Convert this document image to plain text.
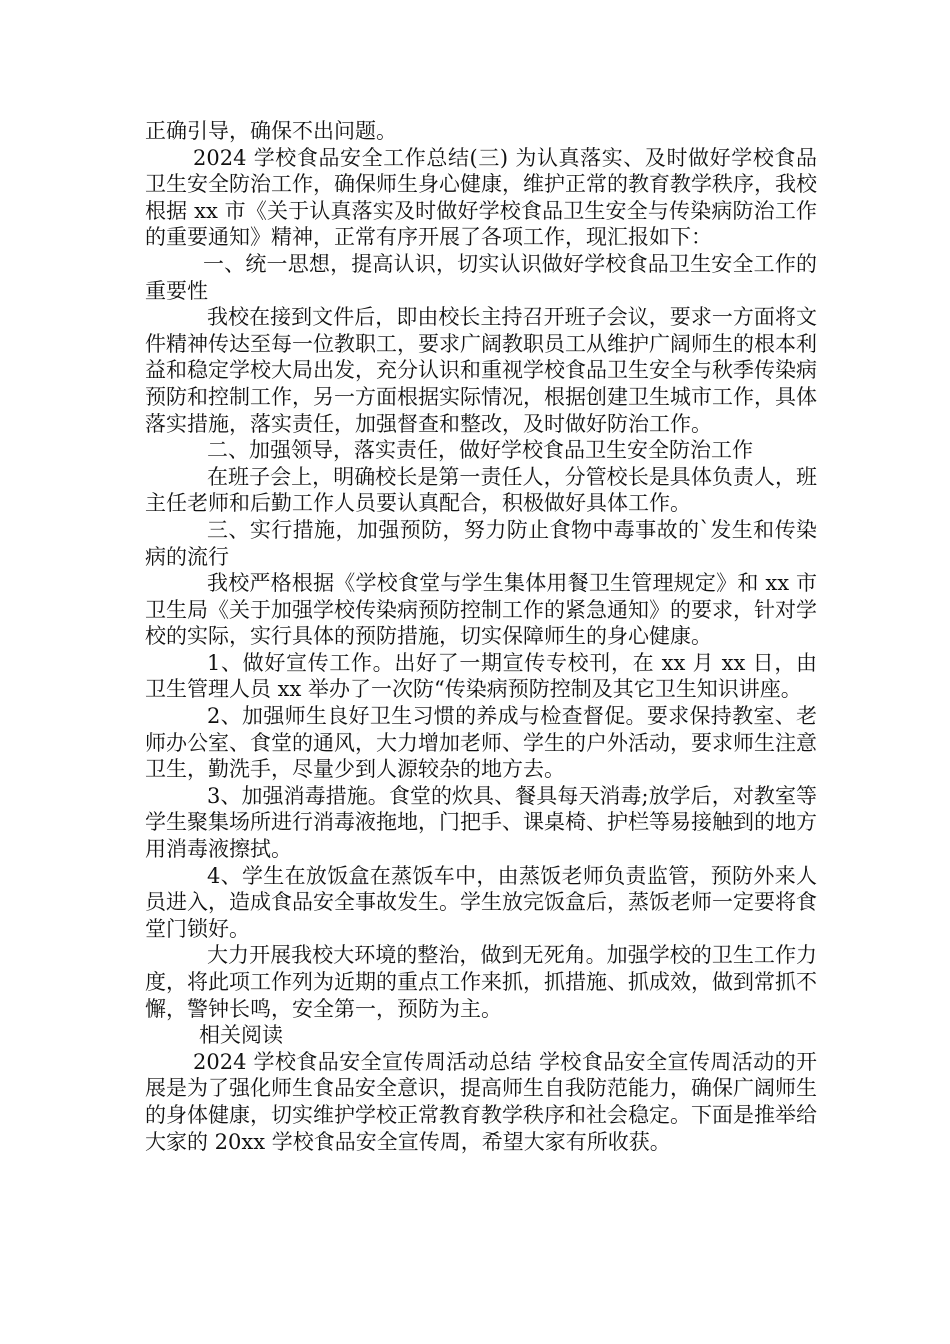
正确引导，确保不出问题。

2024 学校食品安全工作总结(三) 为认真落实、及时做好学校食品卫生安全防治工作，确保师生身心健康，维护正常的教育教学秩序，我校根据 xx 市《关于认真落实及时做好学校食品卫生安全与传染病防治工作的重要通知》精神，正常有序开展了各项工作，现汇报如下：

一、统一思想，提高认识，切实认识做好学校食品卫生安全工作的重要性

我校在接到文件后，即由校长主持召开班子会议，要求一方面将文件精神传达至每一位教职工，要求广阔教职员工从维护广阔师生的根本利益和稳定学校大局出发，充分认识和重视学校食品卫生安全与秋季传染病预防和控制工作，另一方面根据实际情况，根据创建卫生城市工作，具体落实措施，落实责任，加强督查和整改，及时做好防治工作。

二、加强领导，落实责任，做好学校食品卫生安全防治工作

在班子会上，明确校长是第一责任人，分管校长是具体负责人，班主任老师和后勤工作人员要认真配合，积极做好具体工作。

三、实行措施，加强预防，努力防止食物中毒事故的`发生和传染病的流行

我校严格根据《学校食堂与学生集体用餐卫生管理规定》和 xx 市卫生局《关于加强学校传染病预防控制工作的紧急通知》的要求，针对学校的实际，实行具体的预防措施，切实保障师生的身心健康。

1、做好宣传工作。出好了一期宣传专校刊，在 xx 月 xx 日，由卫生管理人员 xx 举办了一次防“传染病预防控制及其它卫生知识讲座。

2、加强师生良好卫生习惯的养成与检查督促。要求保持教室、老师办公室、食堂的通风，大力增加老师、学生的户外活动，要求师生注意卫生，勤洗手，尽量少到人源较杂的地方去。

3、加强消毒措施。食堂的炊具、餐具每天消毒;放学后，对教室等学生聚集场所进行消毒液拖地，门把手、课桌椅、护栏等易接触到的地方用消毒液擦拭。

4、学生在放饭盒在蒸饭车中，由蒸饭老师负责监管，预防外来人员进入，造成食品安全事故发生。学生放完饭盒后，蒸饭老师一定要将食堂门锁好。

大力开展我校大环境的整治，做到无死角。加强学校的卫生工作力度，将此项工作列为近期的重点工作来抓，抓措施、抓成效，做到常抓不懈，警钟长鸣，安全第一，预防为主。

相关阅读

2024 学校食品安全宣传周活动总结 学校食品安全宣传周活动的开展是为了强化师生食品安全意识，提高师生自我防范能力，确保广阔师生的身体健康，切实维护学校正常教育教学秩序和社会稳定。下面是推举给大家的 20xx 学校食品安全宣传周，希望大家有所收获。
